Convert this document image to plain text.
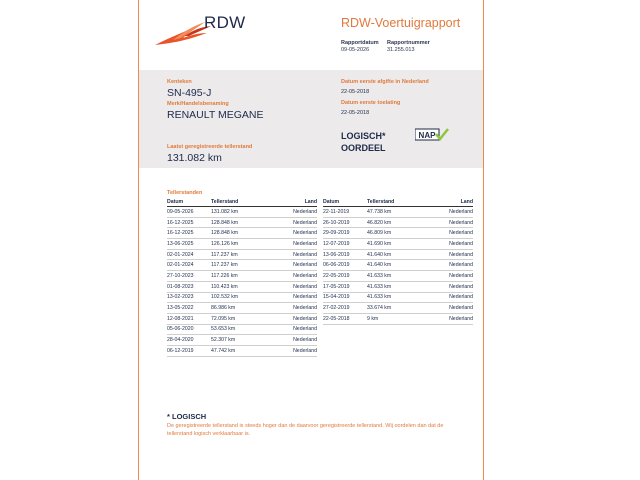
RDW	RDW-Voertuigrapport
Rapportdatum
09-05-2026
Rapportnummer
31.255.013
Kenteken
SN-495-J
Merk/Handelsbenaming
RENAULT MEGANE
Laatst geregistreerde tellerstand
131.082 km
Datum eerste afgifte in Nederland
22-05-2018
Datum eerste toelating
22-05-2018
LOGISCH*
OORDEEL
NAP
Tellerstanden
Datum	Tellerstand	Land
09-05-2026	131.082 km	Nederland
16-12-2025	128.848 km	Nederland
16-12-2025	128.848 km	Nederland
13-06-2025	126.126 km	Nederland
02-01-2024	117.237 km	Nederland
02-01-2024	117.237 km	Nederland
27-10-2023	117.226 km	Nederland
01-08-2023	110.423 km	Nederland
13-02-2023	102.532 km	Nederland
13-05-2022	86.986 km	Nederland
12-08-2021	72.095 km	Nederland
05-06-2020	53.653 km	Nederland
28-04-2020	52.307 km	Nederland
06-12-2019	47.742 km	Nederland
Datum	Tellerstand	Land
22-11-2019	47.738 km	Nederland
26-10-2019	46.820 km	Nederland
29-09-2019	46.809 km	Nederland
12-07-2019	41.690 km	Nederland
13-06-2019	41.640 km	Nederland
06-06-2019	41.640 km	Nederland
22-05-2019	41.633 km	Nederland
17-05-2019	41.633 km	Nederland
15-04-2019	41.633 km	Nederland
27-02-2019	33.674 km	Nederland
22-05-2018	9 km	Nederland
* LOGISCH
De geregistreerde tellerstand is steeds hoger dan de daarvoor geregistreerde tellerstand. Wij oordelen dan dat de tellerstand logisch verklaarbaar is.
